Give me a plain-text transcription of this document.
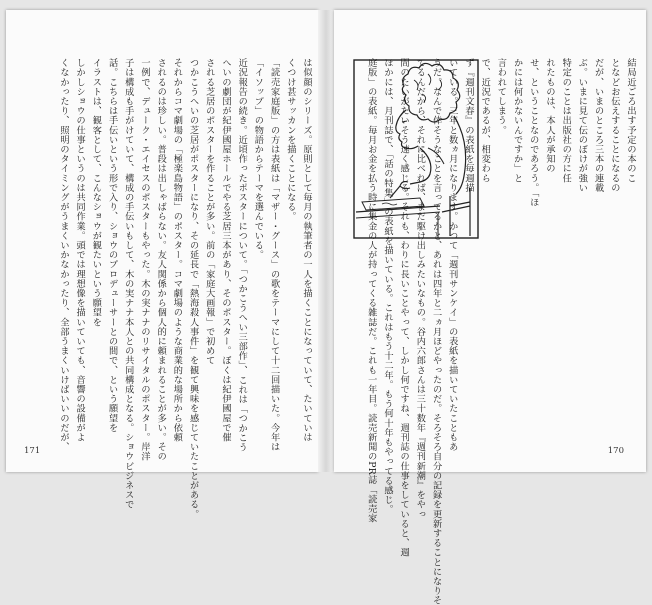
は似顔のシリーズ。原則として毎月の執筆者の一人を描くことになっていて、たいていは
くつけ甚サッカンを描くことになる。
「読売家庭版」の方は表紙は「マザー・グース」の歌をテーマにして十二回描いた。今年は
「イソップ」の物語からテーマを選んでいる。
近況報告の続き。近頃作ったポスターについて。「つかこうへい三部作」、これは「つかこう
へいの劇団が紀伊國屋ホールでやる芝居三本があり、そのポスター。ぼくは紀伊國屋で催
される芝居のポスターを作ることが多い。前の「家庭大画報」で初めて
つかこうへいの芝居がポスターになり、その延長で「熱海殺人事件」を観て興味を感じていたことがある。
それからコマ劇場の「極楽島物語」のポスター。コマ劇場のような商業的な場所から依頼
されるのは珍しい。普段は出しゃばらない。友人関係から個人的に頼まれることが多い。その
一例で、デューク・エイセスのポスターもやった。木の実ナナのリサイタルのポスター。岸洋
子は構成も手がけていて、構成の手伝いもして、木の実ナナ本人との共同構成となる。ショウビジネスで
話。こちらは手伝いという形で入り、ショウのプロデューサーとの間で、という願望を
イラストは、観客として、こんなショウが観たいという願望を
しかしショウの仕事というのは共同作業。頭では理想像を描いていても、音響の設備がよ
くなかったり、照明のタイミングがうまくいかなかったり、全部うまくいけばいいのだが、
171
結局近ごろ出す予定の本のこ
となどお伝えすることになるの
だが、いまのところ三本の連載
ぶ。いまに見て伝のぼけが強い
特定のことは出版社の方に任
れたものは、本人が承知の
せ、ということなのであろう。「ほ
かには何かないんですか」と
言われてしまう。
で、近況であるが、相変わら
ず『週刊文春』の表紙を毎週描
いている。三年と数ヵ月になります。かつて「週刊サンケイ」の表紙を描いていたこともあ
うだ。なんで倖そうなことを言ってるかと、あれは四年と二ヵ月ほどやったのだ。そろそろ自分の記録を更新することになりそ
てるんだから、それに比べれば、まだ駆け出しみたいなもの。谷内六郎さんは三十数年『週刊新潮』をやっ
間のたいがたいそう速く感じる。それも、わりに長いことやって、しかし何ですね、週刊誌の仕事をしていると、週
ほかには、月刊誌で、「話の特集」の表紙を描いている。これはもう十二年。もう何十年もやってる感じ。
庭版」の表紙。毎月お金を払う時に集金の人が持ってくる雑誌だ。これも一年目。読売新聞のPR誌「読売家	170
